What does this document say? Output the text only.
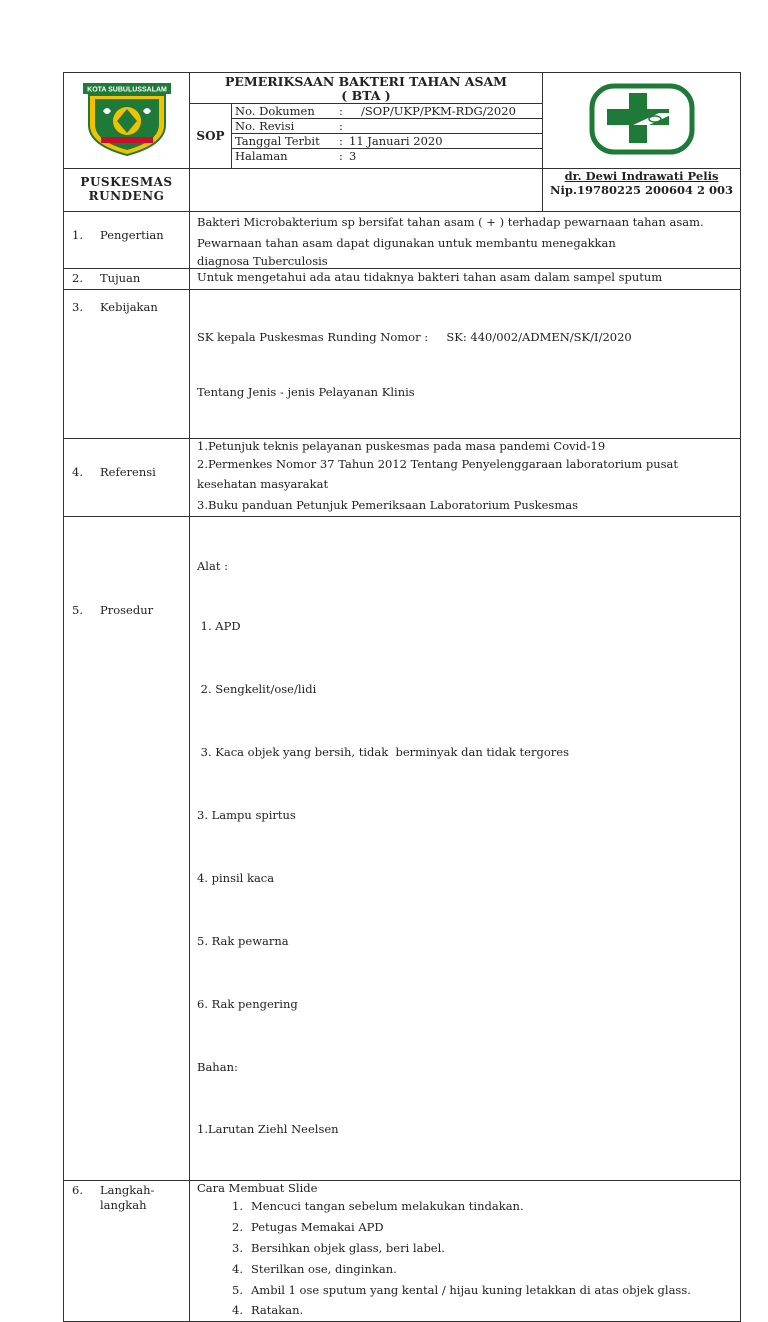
KOTA SUBULUSSALAM

PEMERIKSAAN BAKTERI TAHAN ASAM
( BTA )

SOP	
No. Dokumen : /SOP/UKP/PKM-RDG/2020
No. Revisi	:
Tanggal Terbit : 11 Januari 2020
Halaman	: 3

PUSKESMAS
RUNDENG

dr. Dewi Indrawati Pelis
Nip.19780225 200604 2 003

1.	Pengertian

Bakteri Microbakterium sp bersifat tahan asam ( + ) terhadap pewarnaan tahan asam.

Pewarnaan tahan asam dapat digunakan untuk membantu menegakkan

diagnosa Tuberculosis

2.	Tujuan	Untuk mengetahui ada atau tidaknya bakteri tahan asam dalam sampel sputum

3.	Kebijakan

SK kepala Puskesmas Runding Nomor :     SK: 440/002/ADMEN/SK/I/2020

Tentang Jenis - jenis Pelayanan Klinis

4.	Referensi

1.Petunjuk teknis pelayanan puskesmas pada masa pandemi Covid-19

2.Permenkes Nomor 37 Tahun 2012 Tentang Penyelenggaraan laboratorium pusat

kesehatan masyarakat

3.Buku panduan Petunjuk Pemeriksaan Laboratorium Puskesmas

5.	Prosedur

Alat :

1. APD

2. Sengkelit/ose/lidi

3. Kaca objek yang bersih, tidak  berminyak dan tidak tergores

3. Lampu spirtus

4. pinsil kaca

5. Rak pewarna

6. Rak pengering

Bahan:

1.Larutan Ziehl Neelsen

6.	Langkah-
langkah

Cara Membuat Slide

1. Mencuci tangan sebelum melakukan tindakan.
2. Petugas Memakai APD
3. Bersihkan objek glass, beri label.
4. Sterilkan ose, dinginkan.
5. Ambil 1 ose sputum yang kental / hijau kuning letakkan di atas objek glass.
4. Ratakan.
